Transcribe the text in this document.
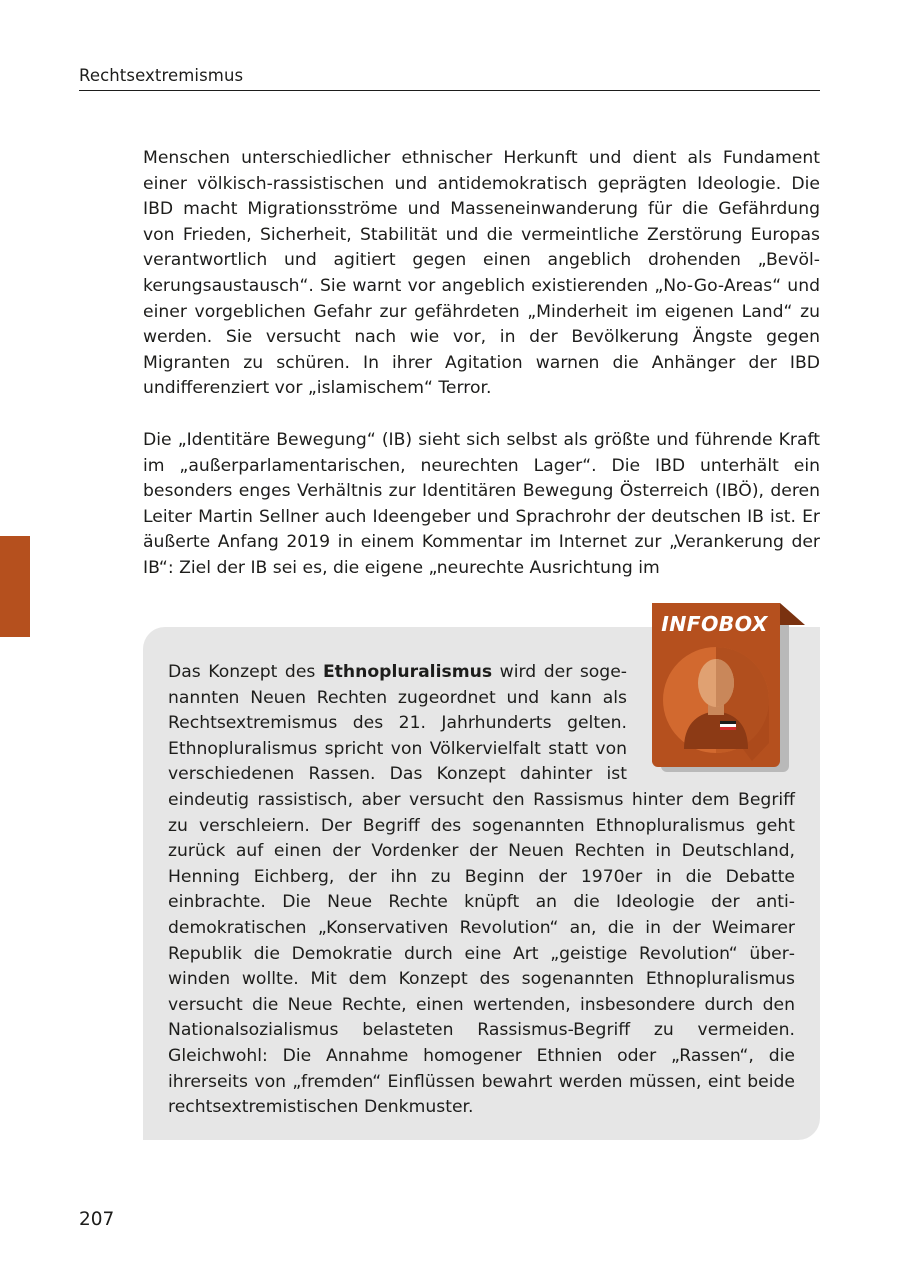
Rechtsextremismus

Menschen unterschiedlicher ethnischer Herkunft und dient als Fundament einer völkisch-rassistischen und antidemokratisch geprägten Ideologie. Die IBD macht Migrationsströme und Masseneinwanderung für die Gefährdung von Frieden, Sicherheit, Stabilität und die vermeintliche Zerstörung Europas verantwortlich und agitiert gegen einen angeblich drohenden „Bevölkerungsaustausch“. Sie warnt vor angeblich existierenden „No-Go-Areas“ und einer vorgeblichen Gefahr zur gefährdeten „Minderheit im eigenen Land“ zu werden. Sie versucht nach wie vor, in der Bevölkerung Ängste gegen Migranten zu schüren. In ihrer Agitation warnen die Anhänger der IBD undifferenziert vor „islamischem“ Terror.

Die „Identitäre Bewegung“ (IB) sieht sich selbst als größte und führende Kraft im „außerparlamentarischen, neurechten Lager“. Die IBD unterhält ein besonders enges Verhältnis zur Identitären Bewegung Österreich (IBÖ), deren Leiter Martin Sellner auch Ideengeber und Sprachrohr der deutschen IB ist. Er äußerte Anfang 2019 in einem Kommentar im Internet zur „Verankerung der IB“: Ziel der IB sei es, die eigene „neurechte Ausrichtung im

Das Konzept des Ethnopluralismus wird der sogenannten Neuen Rechten zugeordnet und kann als Rechtsextremismus des 21. Jahrhunderts gelten. Ethnopluralismus spricht von Völkervielfalt statt von verschiedenen Rassen. Das Konzept dahinter ist eindeutig rassistisch, aber versucht den Rassismus hinter dem Begriff zu verschleiern. Der Begriff des sogenannten Ethnopluralismus geht zurück auf einen der Vordenker der Neuen Rechten in Deutschland, Henning Eichberg, der ihn zu Beginn der 1970er in die Debatte einbrachte. Die Neue Rechte knüpft an die Ideologie der antidemokratischen „Konservativen Revolution“ an, die in der Weimarer Republik die Demokratie durch eine Art „geistige Revolution“ überwinden wollte. Mit dem Konzept des sogenannten Ethnopluralismus versucht die Neue Rechte, einen wertenden, insbesondere durch den Nationalsozialismus belasteten Rassismus-Begriff zu vermeiden. Gleichwohl: Die Annahme homogener Ethnien oder „Rassen“, die ihrerseits von „fremden“ Einflüssen bewahrt werden müssen, eint beide rechtsextremistischen Denkmuster.

INFOBOX
207
